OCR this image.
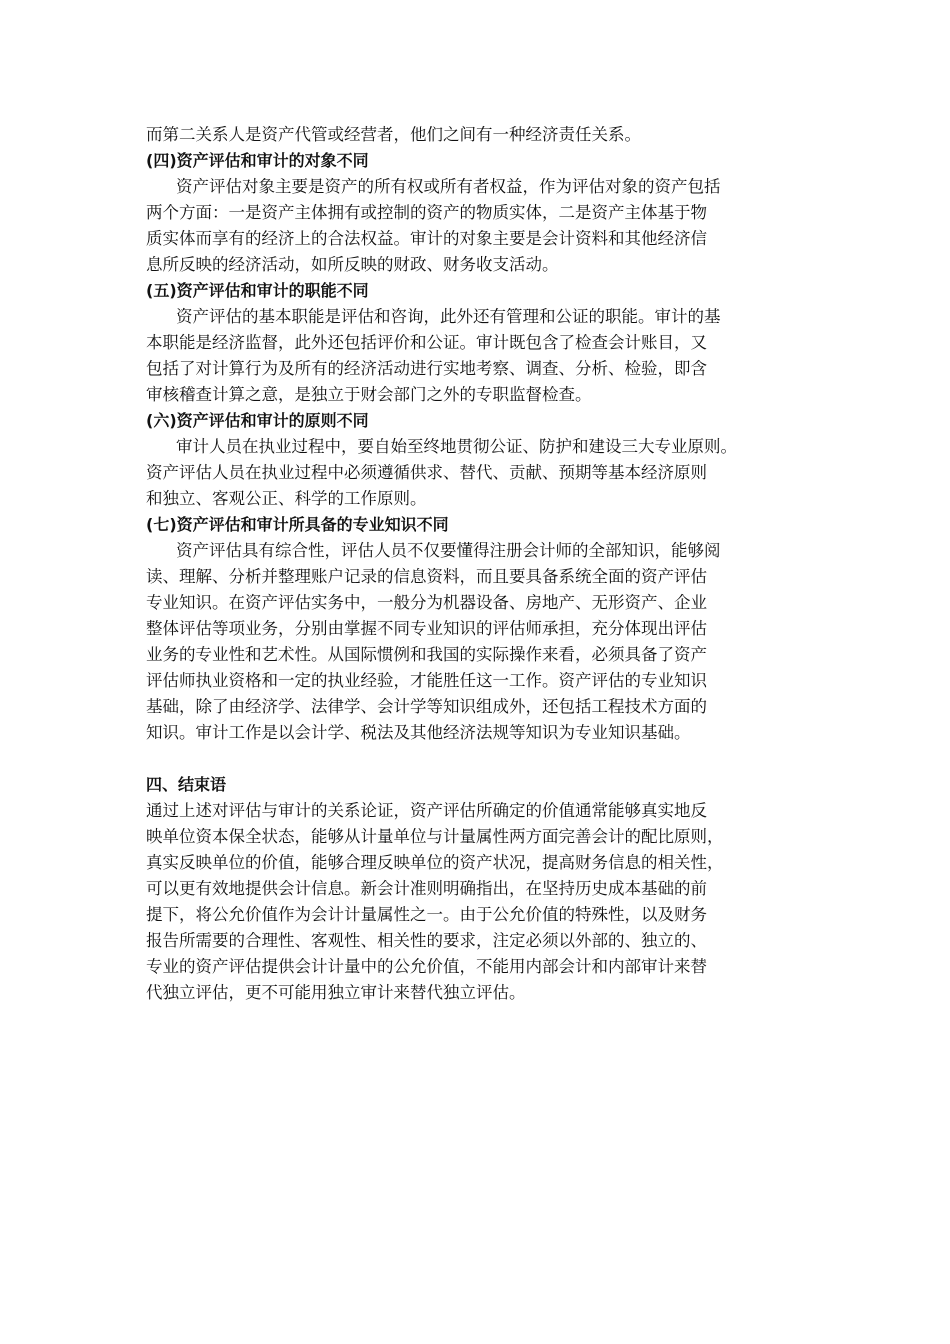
而第二关系人是资产代管或经营者，他们之间有一种经济责任关系。
(四)资产评估和审计的对象不同
资产评估对象主要是资产的所有权或所有者权益，作为评估对象的资产包括
两个方面：一是资产主体拥有或控制的资产的物质实体，二是资产主体基于物
质实体而享有的经济上的合法权益。审计的对象主要是会计资料和其他经济信
息所反映的经济活动，如所反映的财政、财务收支活动。
(五)资产评估和审计的职能不同
资产评估的基本职能是评估和咨询，此外还有管理和公证的职能。审计的基
本职能是经济监督，此外还包括评价和公证。审计既包含了检查会计账目，又
包括了对计算行为及所有的经济活动进行实地考察、调查、分析、检验，即含
审核稽查计算之意，是独立于财会部门之外的专职监督检查。
(六)资产评估和审计的原则不同
审计人员在执业过程中，要自始至终地贯彻公证、防护和建设三大专业原则。
资产评估人员在执业过程中必须遵循供求、替代、贡献、预期等基本经济原则
和独立、客观公正、科学的工作原则。
(七)资产评估和审计所具备的专业知识不同
资产评估具有综合性，评估人员不仅要懂得注册会计师的全部知识，能够阅
读、理解、分析并整理账户记录的信息资料，而且要具备系统全面的资产评估
专业知识。在资产评估实务中，一般分为机器设备、房地产、无形资产、企业
整体评估等项业务，分别由掌握不同专业知识的评估师承担，充分体现出评估
业务的专业性和艺术性。从国际惯例和我国的实际操作来看，必须具备了资产
评估师执业资格和一定的执业经验，才能胜任这一工作。资产评估的专业知识
基础，除了由经济学、法律学、会计学等知识组成外，还包括工程技术方面的
知识。审计工作是以会计学、税法及其他经济法规等知识为专业知识基础。
四、结束语
通过上述对评估与审计的关系论证，资产评估所确定的价值通常能够真实地反
映单位资本保全状态，能够从计量单位与计量属性两方面完善会计的配比原则，
真实反映单位的价值，能够合理反映单位的资产状况，提高财务信息的相关性，
可以更有效地提供会计信息。新会计准则明确指出，在坚持历史成本基础的前
提下，将公允价值作为会计计量属性之一。由于公允价值的特殊性，以及财务
报告所需要的合理性、客观性、相关性的要求，注定必须以外部的、独立的、
专业的资产评估提供会计计量中的公允价值，不能用内部会计和内部审计来替
代独立评估，更不可能用独立审计来替代独立评估。
